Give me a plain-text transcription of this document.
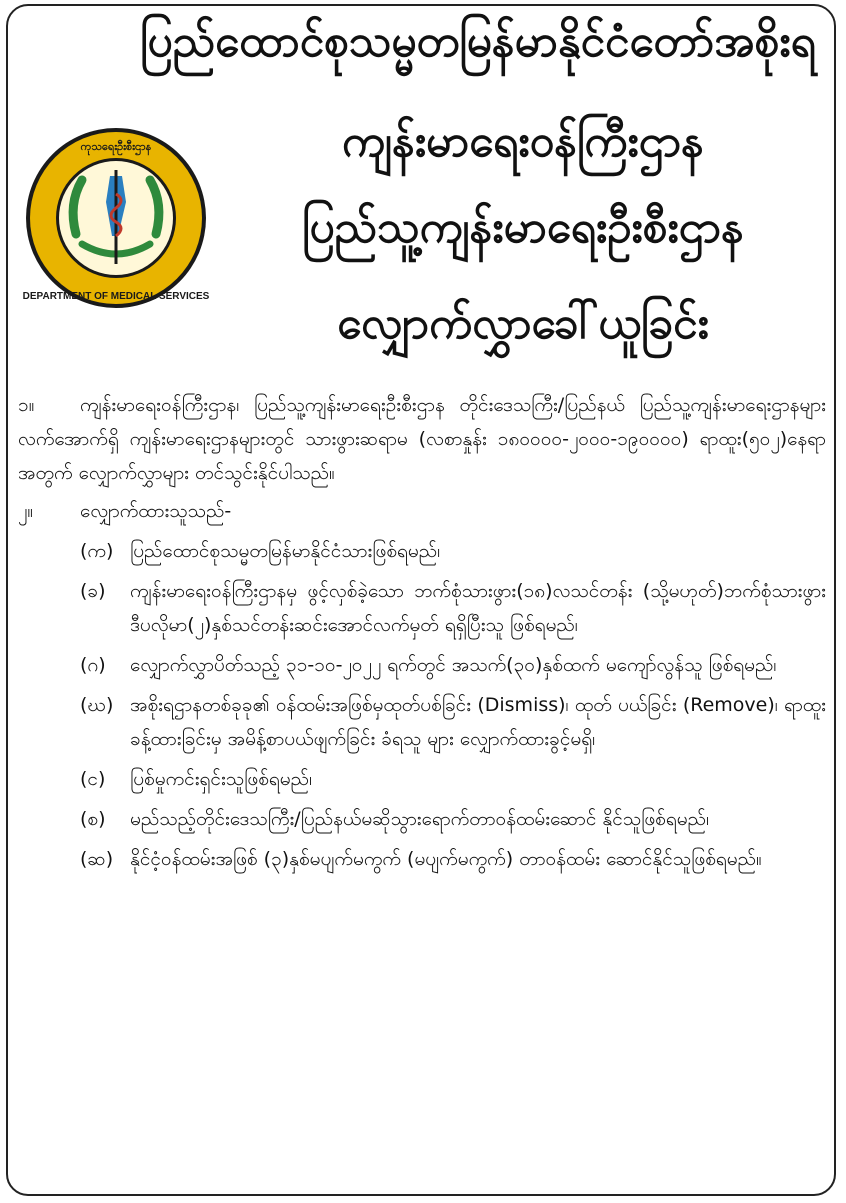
DEPARTMENT OF MEDICAL SERVICES
ကုသရေးဦးစီးဌာန
ပြည်ထောင်စုသမ္မတမြန်မာနိုင်ငံတော်အစိုးရ
ကျန်းမာရေးဝန်ကြီးဌာန
ပြည်သူ့ကျန်းမာရေးဦးစီးဌာန
လျှောက်လွှာခေါ်ယူခြင်း

၁။ ကျန်းမာရေးဝန်ကြီးဌာန၊ ပြည်သူ့ကျန်းမာရေးဦးစီးဌာန တိုင်းဒေသကြီး/ပြည်နယ် ပြည်သူ့ကျန်းမာရေးဌာနများ လက်အောက်ရှိ ကျန်းမာရေးဌာနများတွင် သားဖွားဆရာမ (လစာနှုန်း ၁၈၀၀၀၀-၂၀၀၀-၁၉၀၀၀၀) ရာထူး(၅၀၂)နေရာအတွက် လျှောက်လွှာများ တင်သွင်းနိုင်ပါသည်။

၂။	လျှောက်ထားသူသည်-
(က) ပြည်ထောင်စုသမ္မတမြန်မာနိုင်ငံသားဖြစ်ရမည်၊
(ခ)	ကျန်းမာရေးဝန်ကြီးဌာနမှ ဖွင့်လှစ်ခဲ့သော ဘက်စုံသားဖွား(၁၈)လသင်တန်း (သို့မဟုတ်)ဘက်စုံသားဖွားဒီပလိုမာ(၂)နှစ်သင်တန်းဆင်းအောင်လက်မှတ် ရရှိပြီးသူ ဖြစ်ရမည်၊
(ဂ)	လျှောက်လွှာပိတ်သည့် ၃၁-၁၀-၂၀၂၂ ရက်တွင် အသက်(၃၀)နှစ်ထက် မကျော်လွန်သူ ဖြစ်ရမည်၊
(ဃ) အစိုးရဌာနတစ်ခုခု၏ ဝန်ထမ်းအဖြစ်မှထုတ်ပစ်ခြင်း (Dismiss)၊ ထုတ် ပယ်ခြင်း (Remove)၊ ရာထူးခန့်ထားခြင်းမှ အမိန့်စာပယ်ဖျက်ခြင်း ခံရသူ များ လျှောက်ထားခွင့်မရှိ၊
(င)	ပြစ်မှုကင်းရှင်းသူဖြစ်ရမည်၊
(စ)	မည်သည့်တိုင်းဒေသကြီး/ပြည်နယ်မဆိုသွားရောက်တာဝန်ထမ်းဆောင် နိုင်သူဖြစ်ရမည်၊
(ဆ) နိုင်ငံ့ဝန်ထမ်းအဖြစ် (၃)နှစ်မပျက်မကွက် (မပျက်မကွက်) တာဝန်ထမ်း ဆောင်နိုင်သူဖြစ်ရမည်။
